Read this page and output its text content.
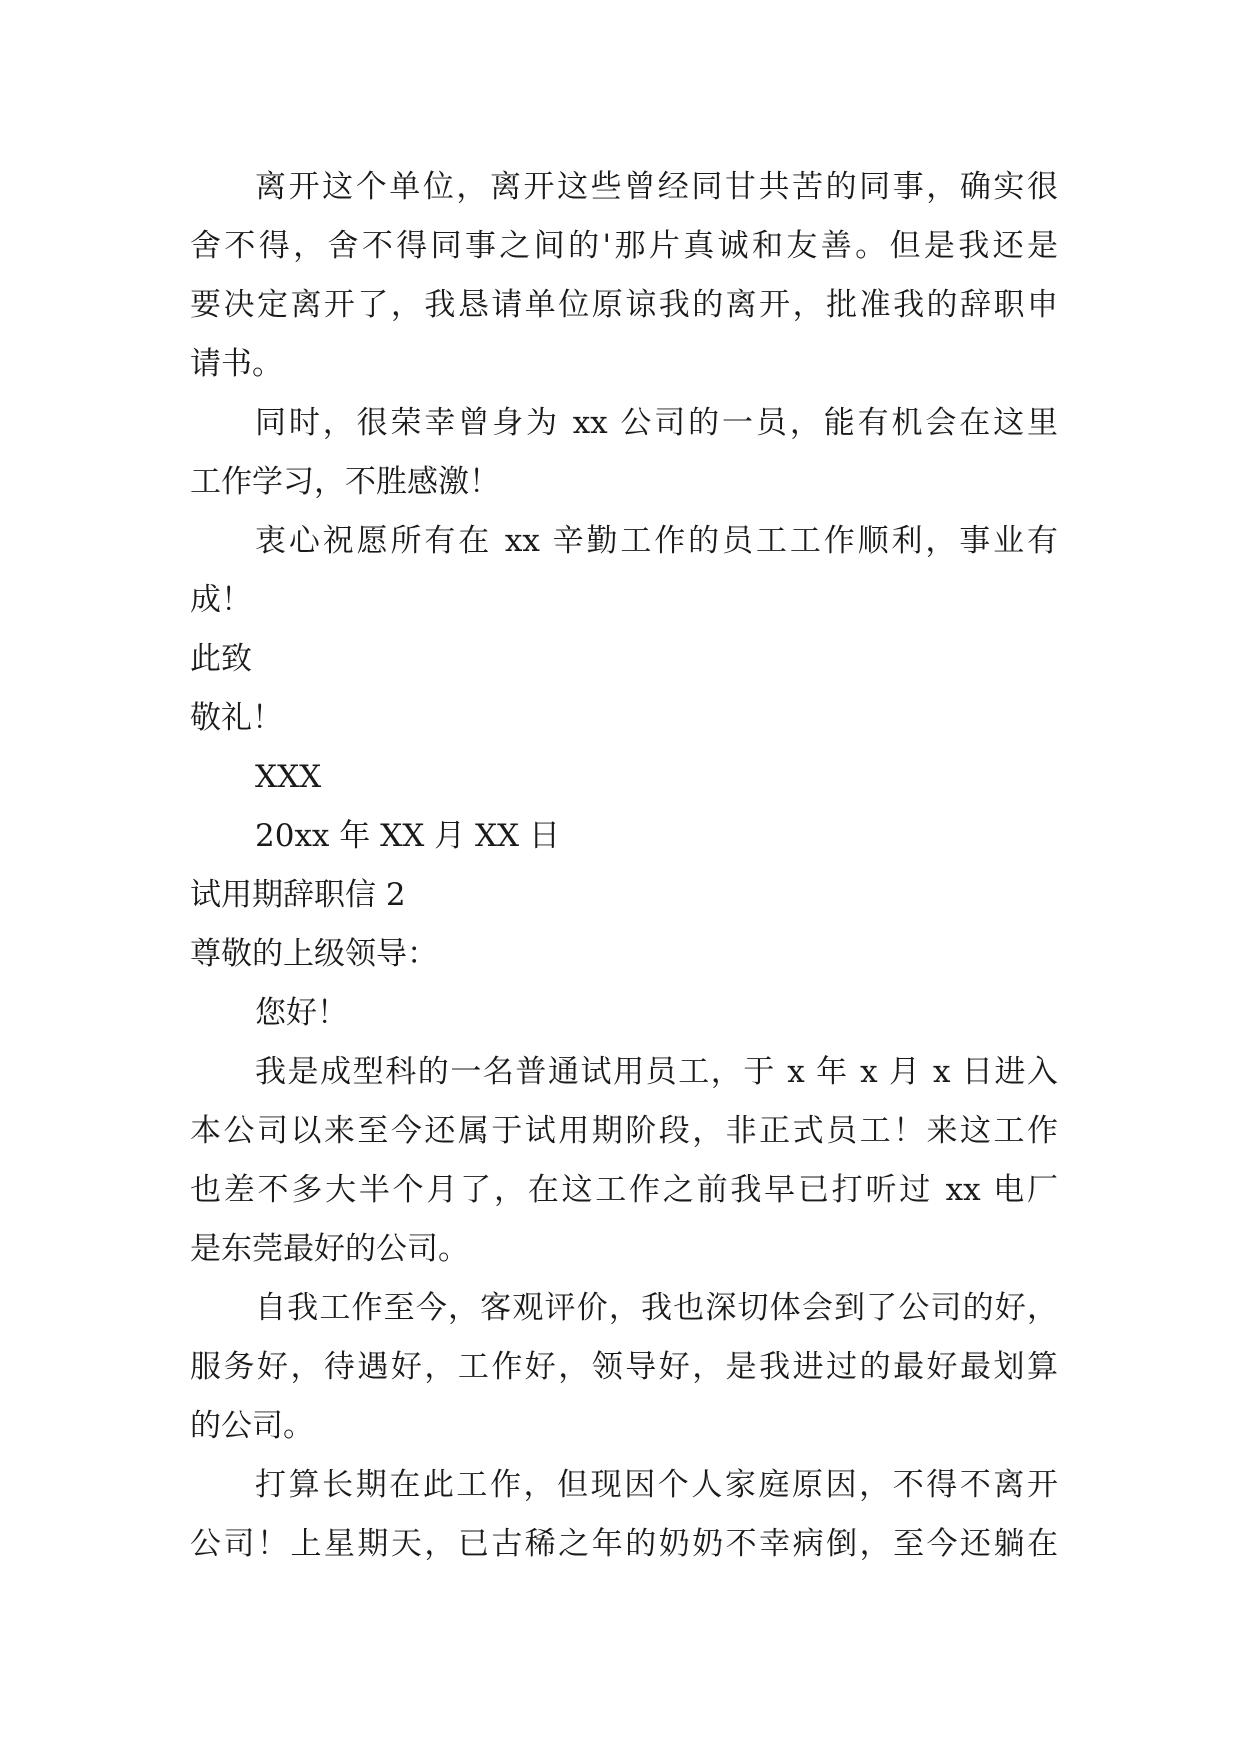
离开这个单位，离开这些曾经同甘共苦的同事，确实很
舍不得，舍不得同事之间的'那片真诚和友善。但是我还是
要决定离开了，我恳请单位原谅我的离开，批准我的辞职申
请书。
同时，很荣幸曾身为 xx 公司的一员，能有机会在这里
工作学习，不胜感激！
衷心祝愿所有在 xx 辛勤工作的员工工作顺利，事业有
成！
此致
敬礼！
XXX
20xx 年 XX 月 XX 日
试用期辞职信 2
尊敬的上级领导：
您好！
我是成型科的一名普通试用员工，于 x 年 x 月 x 日进入
本公司以来至今还属于试用期阶段，非正式员工！来这工作
也差不多大半个月了，在这工作之前我早已打听过 xx 电厂
是东莞最好的公司。
自我工作至今，客观评价，我也深切体会到了公司的好，
服务好，待遇好，工作好，领导好，是我进过的最好最划算
的公司。
打算长期在此工作，但现因个人家庭原因，不得不离开
公司！上星期天，已古稀之年的奶奶不幸病倒，至今还躺在
